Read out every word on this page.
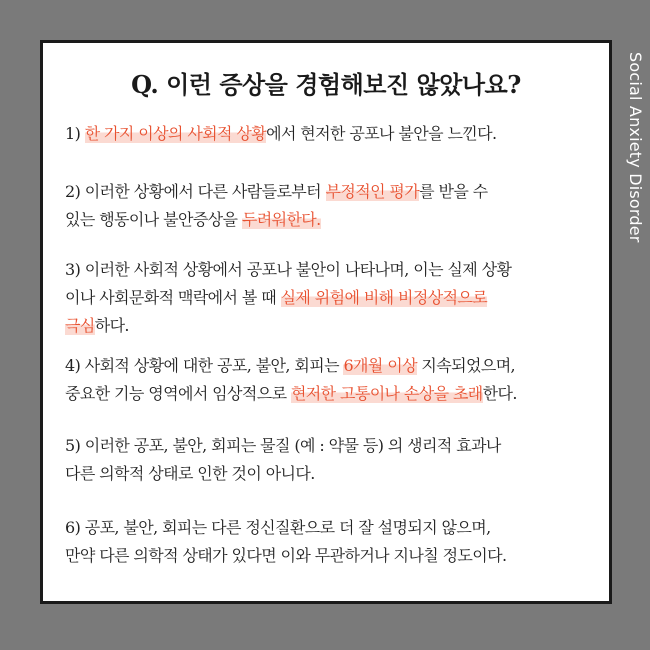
Social Anxiety Disorder
Q. 이런 증상을 경험해보진 않았나요?

1) 한 가지 이상의 사회적 상황에서 현저한 공포나 불안을 느낀다.

2) 이러한 상황에서 다른 사람들로부터 부정적인 평가를 받을 수
있는 행동이나 불안증상을 두려워한다.

3) 이러한 사회적 상황에서 공포나 불안이 나타나며, 이는 실제 상황
이나 사회문화적 맥락에서 볼 때 실제 위험에 비해 비정상적으로
극심하다.

4) 사회적 상황에 대한 공포, 불안, 회피는 6개월 이상 지속되었으며,
중요한 기능 영역에서 임상적으로 현저한 고통이나 손상을 초래한다.

5) 이러한 공포, 불안, 회피는 물질 (예 : 약물 등) 의 생리적 효과나
다른 의학적 상태로 인한 것이 아니다.

6) 공포, 불안, 회피는 다른 정신질환으로 더 잘 설명되지 않으며,
만약 다른 의학적 상태가 있다면 이와 무관하거나 지나칠 정도이다.
